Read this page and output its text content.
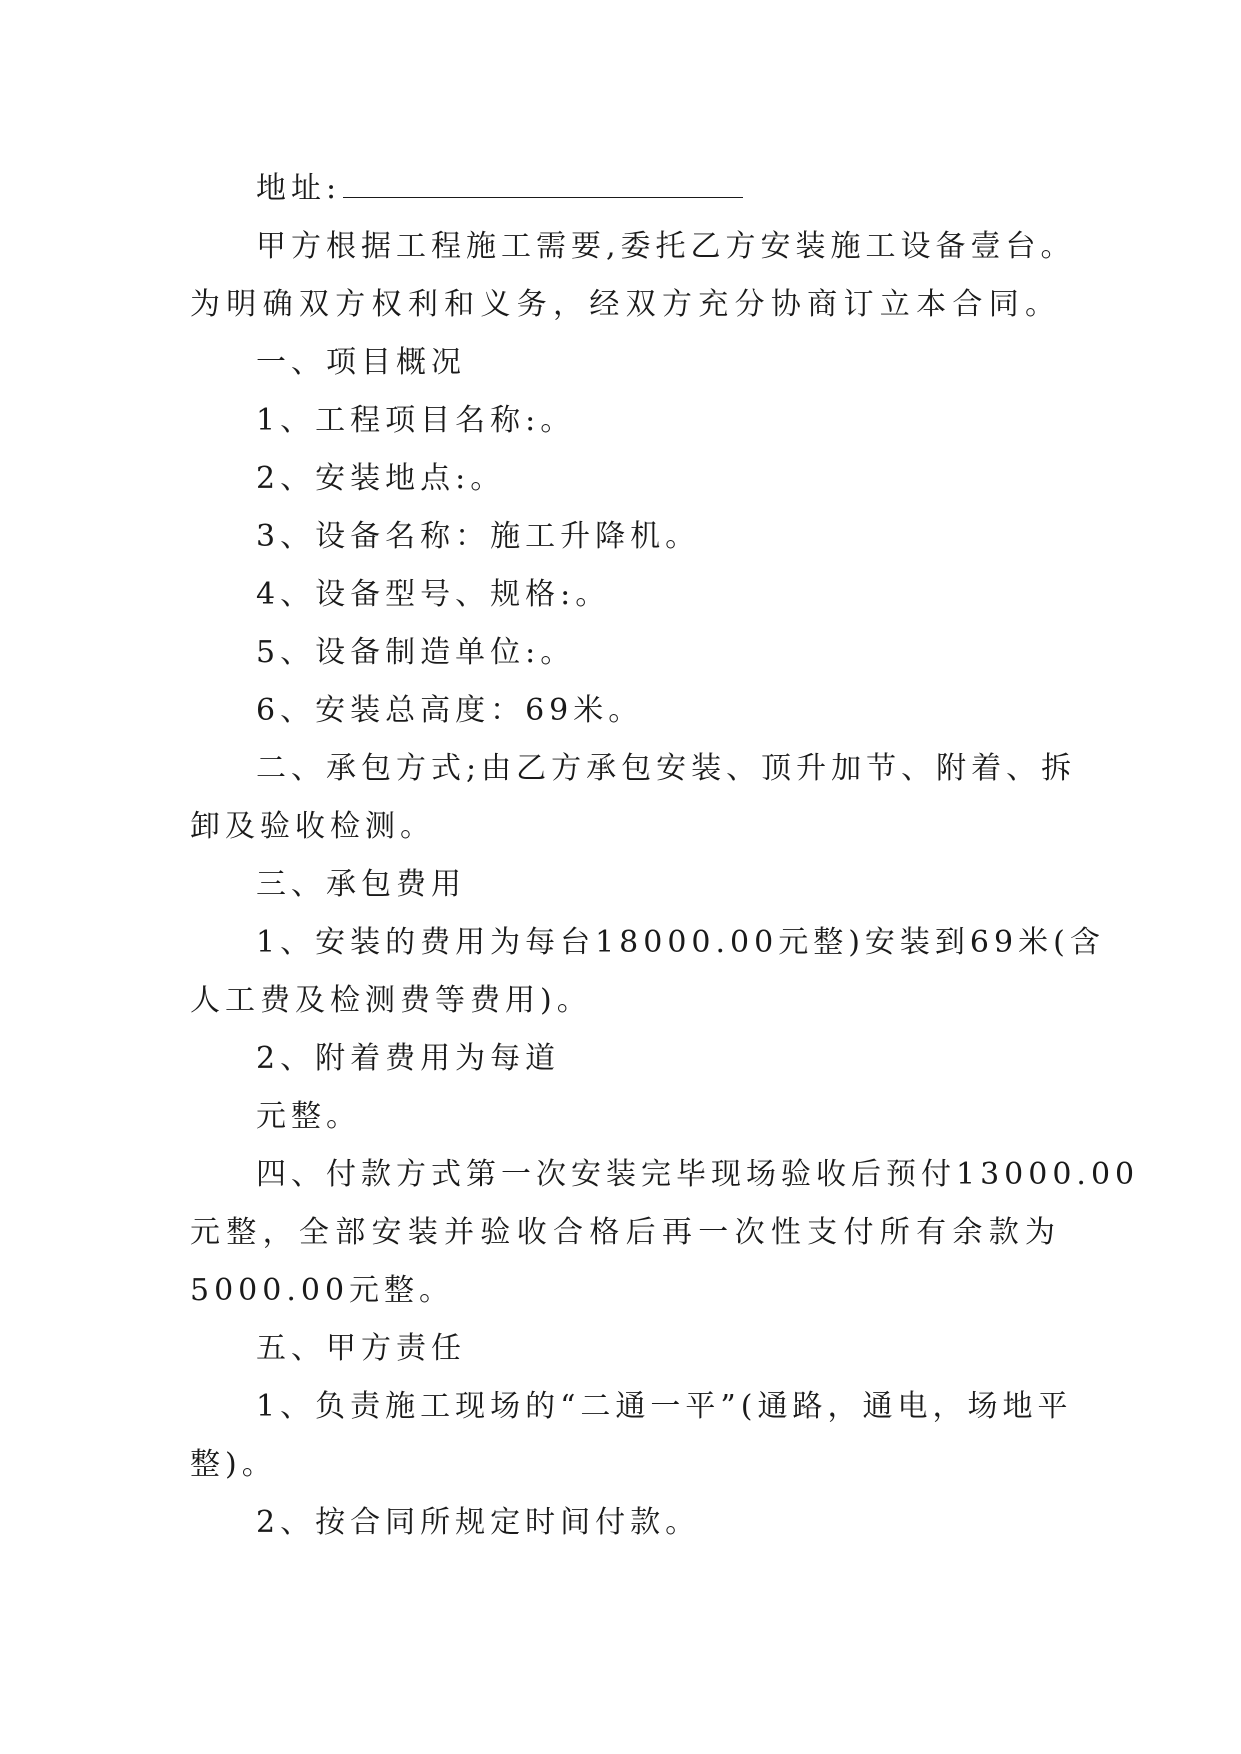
地址:
甲方根据工程施工需要,委托乙方安装施工设备壹台。
为明确双方权利和义务，经双方充分协商订立本合同。
一、项目概况
1、工程项目名称:。
2、安装地点:。
3、设备名称：施工升降机。
4、设备型号、规格:。
5、设备制造单位:。
6、安装总高度：69米。
二、承包方式;由乙方承包安装、顶升加节、附着、拆
卸及验收检测。
三、承包费用
1、安装的费用为每台18000.00元整)安装到69米(含
人工费及检测费等费用)。
2、附着费用为每道
元整。
四、付款方式第一次安装完毕现场验收后预付13000.00
元整，全部安装并验收合格后再一次性支付所有余款为
5000.00元整。
五、甲方责任
1、负责施工现场的“二通一平”(通路，通电，场地平
整)。
2、按合同所规定时间付款。
